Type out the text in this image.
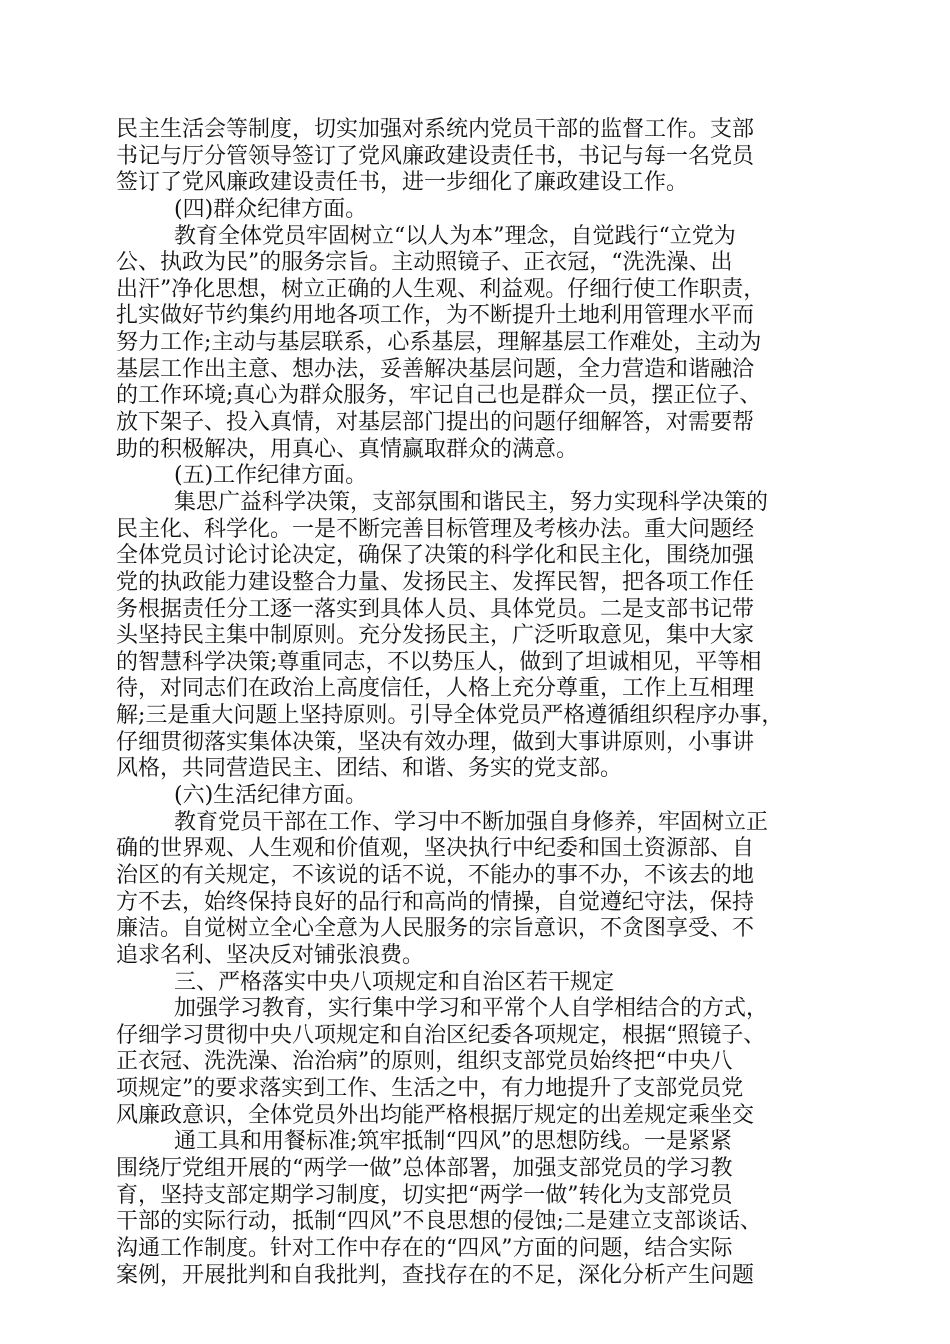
民主生活会等制度，切实加强对系统内党员干部的监督工作。支部
书记与厅分管领导签订了党风廉政建设责任书，书记与每一名党员
签订了党风廉政建设责任书，进一步细化了廉政建设工作。
(四)群众纪律方面。
教育全体党员牢固树立“以人为本”理念，自觉践行“立党为
公、执政为民”的服务宗旨。主动照镜子、正衣冠，“洗洗澡、出
出汗”净化思想，树立正确的人生观、利益观。仔细行使工作职责，
扎实做好节约集约用地各项工作，为不断提升土地利用管理水平而
努力工作;主动与基层联系，心系基层，理解基层工作难处，主动为
基层工作出主意、想办法，妥善解决基层问题，全力营造和谐融洽
的工作环境;真心为群众服务，牢记自己也是群众一员，摆正位子、
放下架子、投入真情，对基层部门提出的问题仔细解答，对需要帮
助的积极解决，用真心、真情赢取群众的满意。
(五)工作纪律方面。
集思广益科学决策，支部氛围和谐民主，努力实现科学决策的
民主化、科学化。一是不断完善目标管理及考核办法。重大问题经
全体党员讨论讨论决定，确保了决策的科学化和民主化，围绕加强
党的执政能力建设整合力量、发扬民主、发挥民智，把各项工作任
务根据责任分工逐一落实到具体人员、具体党员。二是支部书记带
头坚持民主集中制原则。充分发扬民主，广泛听取意见，集中大家
的智慧科学决策;尊重同志，不以势压人，做到了坦诚相见，平等相
待，对同志们在政治上高度信任，人格上充分尊重，工作上互相理
解;三是重大问题上坚持原则。引导全体党员严格遵循组织程序办事，
仔细贯彻落实集体决策，坚决有效办理，做到大事讲原则，小事讲
风格，共同营造民主、团结、和谐、务实的党支部。
(六)生活纪律方面。
教育党员干部在工作、学习中不断加强自身修养，牢固树立正
确的世界观、人生观和价值观，坚决执行中纪委和国土资源部、自
治区的有关规定，不该说的话不说，不能办的事不办，不该去的地
方不去，始终保持良好的品行和高尚的情操，自觉遵纪守法，保持
廉洁。自觉树立全心全意为人民服务的宗旨意识，不贪图享受、不
追求名利、坚决反对铺张浪费。
三、严格落实中央八项规定和自治区若干规定
加强学习教育，实行集中学习和平常个人自学相结合的方式，
仔细学习贯彻中央八项规定和自治区纪委各项规定，根据“照镜子、
正衣冠、洗洗澡、治治病”的原则，组织支部党员始终把“中央八
项规定”的要求落实到工作、生活之中，有力地提升了支部党员党
风廉政意识，全体党员外出均能严格根据厅规定的出差规定乘坐交
通工具和用餐标准;筑牢抵制“四风”的思想防线。一是紧紧
围绕厅党组开展的“两学一做”总体部署，加强支部党员的学习教
育，坚持支部定期学习制度，切实把“两学一做”转化为支部党员
干部的实际行动，抵制“四风”不良思想的侵蚀;二是建立支部谈话、
沟通工作制度。针对工作中存在的“四风”方面的问题，结合实际
案例，开展批判和自我批判，查找存在的不足，深化分析产生问题
